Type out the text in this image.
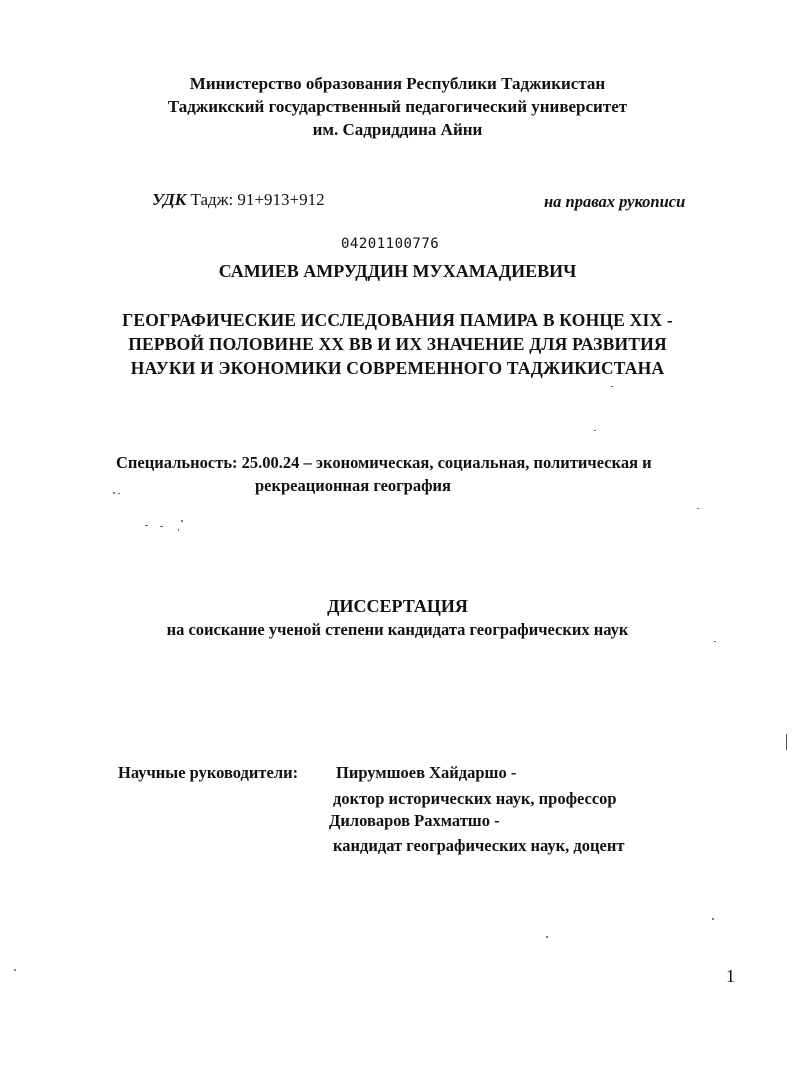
Министерство образования Республики Таджикистан
Таджикский государственный педагогический университет
им. Садриддина Айни
УДК Тадж: 91+913+912	на правах рукописи
04201100776
САМИЕВ АМРУДДИН МУХАМАДИЕВИЧ
ГЕОГРАФИЧЕСКИЕ ИССЛЕДОВАНИЯ ПАМИРА В КОНЦЕ XIX -
ПЕРВОЙ ПОЛОВИНЕ XX ВВ И ИХ ЗНАЧЕНИЕ ДЛЯ РАЗВИТИЯ
НАУКИ И ЭКОНОМИКИ СОВРЕМЕННОГО ТАДЖИКИСТАНА
Специальность: 25.00.24 – экономическая, социальная, политическая и
рекреационная география
ДИССЕРТАЦИЯ
на соискание ученой степени кандидата географических наук
Научные руководители: Пирумшоев Хайдаршо -
доктор исторических наук, профессор
Диловаров Рахматшо -
кандидат географических наук, доцент
1
